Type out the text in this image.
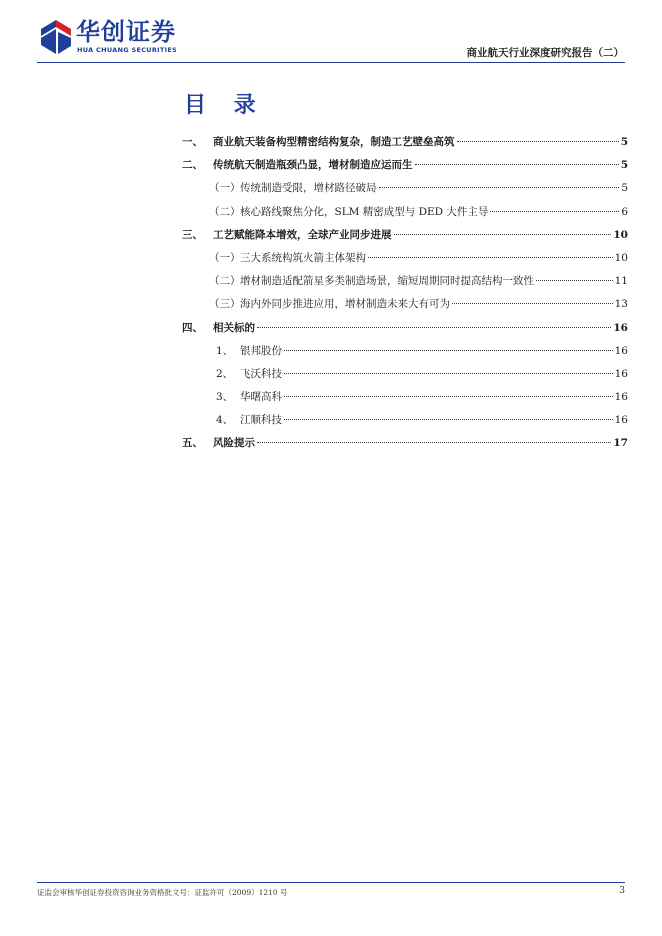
华创证券
HUA CHUANG SECURITIES	商业航天行业深度研究报告（二）
目 录
一、 商业航天装备构型精密结构复杂，制造工艺壁垒高筑	5
二、 传统航天制造瓶颈凸显，增材制造应运而生	5
（一） 传统制造受限，增材路径破局	5
（二） 核心路线聚焦分化，SLM 精密成型与 DED 大件主导	6
三、 工艺赋能降本增效，全球产业同步进展	10
（一） 三大系统构筑火箭主体架构	10
（二） 增材制造适配箭星多类制造场景，缩短周期同时提高结构一致性	11
（三） 海内外同步推进应用，增材制造未来大有可为	13
四、 相关标的	16
1、 银邦股份	16
2、 飞沃科技	16
3、 华曙高科	16
4、 江顺科技	16
五、 风险提示	17
证监会审核华创证券投资咨询业务资格批文号：证监许可（2009）1210 号	3
